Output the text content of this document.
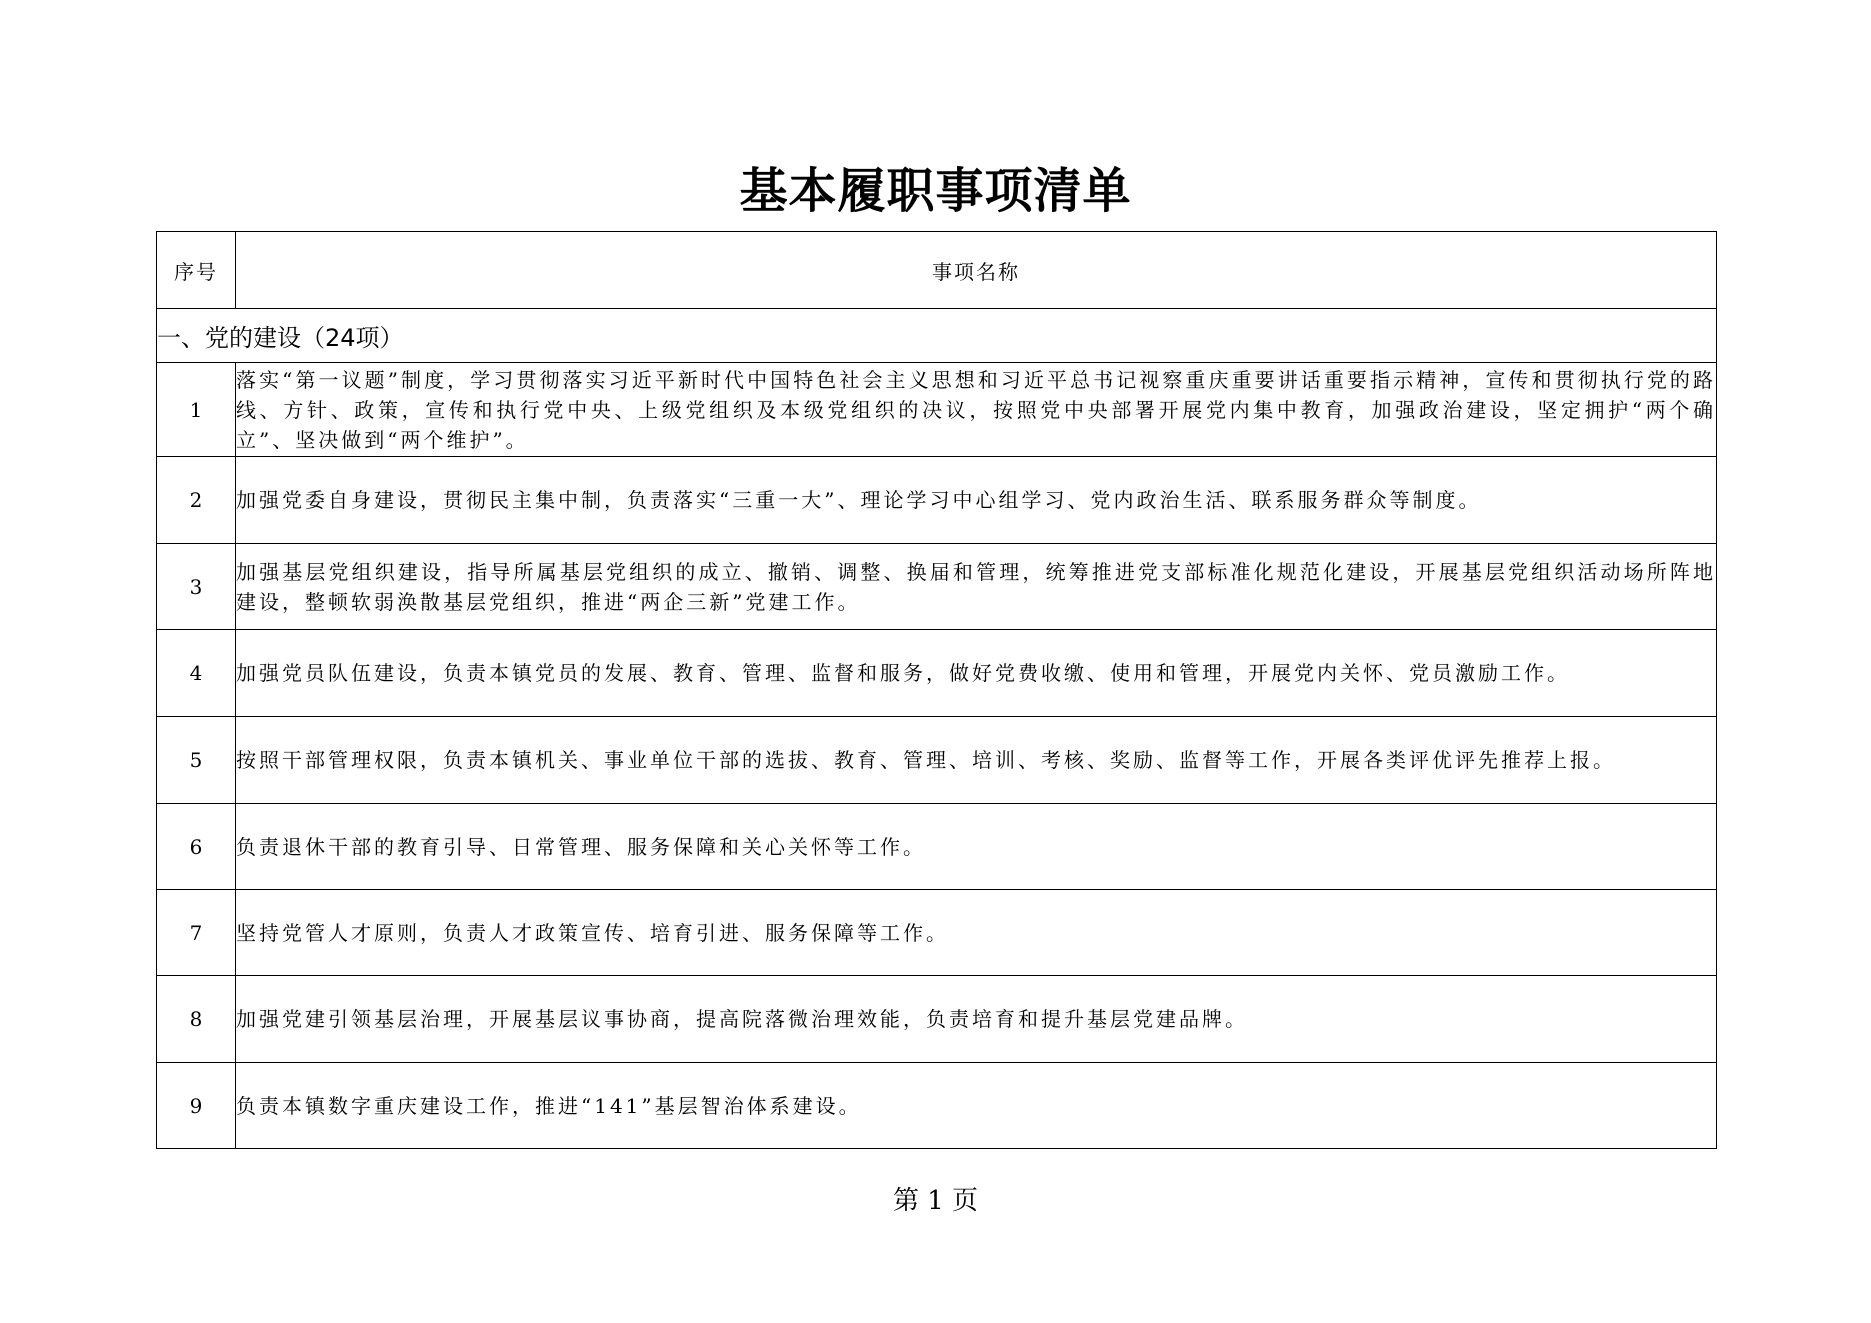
基本履职事项清单
序号	事项名称
一、党的建设（24项）	
1	落实“第一议题”制度，学习贯彻落实习近平新时代中国特色社会主义思想和习近平总书记视察重庆重要讲话重要指示精神，宣传和贯彻执行党的路线、方针、政策，宣传和执行党中央、上级党组织及本级党组织的决议，按照党中央部署开展党内集中教育，加强政治建设，坚定拥护“两个确立”、坚决做到“两个维护”。
2	加强党委自身建设，贯彻民主集中制，负责落实“三重一大”、理论学习中心组学习、党内政治生活、联系服务群众等制度。
3	加强基层党组织建设，指导所属基层党组织的成立、撤销、调整、换届和管理，统筹推进党支部标准化规范化建设，开展基层党组织活动场所阵地建设，整顿软弱涣散基层党组织，推进“两企三新”党建工作。
4	加强党员队伍建设，负责本镇党员的发展、教育、管理、监督和服务，做好党费收缴、使用和管理，开展党内关怀、党员激励工作。
5	按照干部管理权限，负责本镇机关、事业单位干部的选拔、教育、管理、培训、考核、奖励、监督等工作，开展各类评优评先推荐上报。
6	负责退休干部的教育引导、日常管理、服务保障和关心关怀等工作。
7	坚持党管人才原则，负责人才政策宣传、培育引进、服务保障等工作。
8	加强党建引领基层治理，开展基层议事协商，提高院落微治理效能，负责培育和提升基层党建品牌。
9	负责本镇数字重庆建设工作，推进“141”基层智治体系建设。
第 1 页
